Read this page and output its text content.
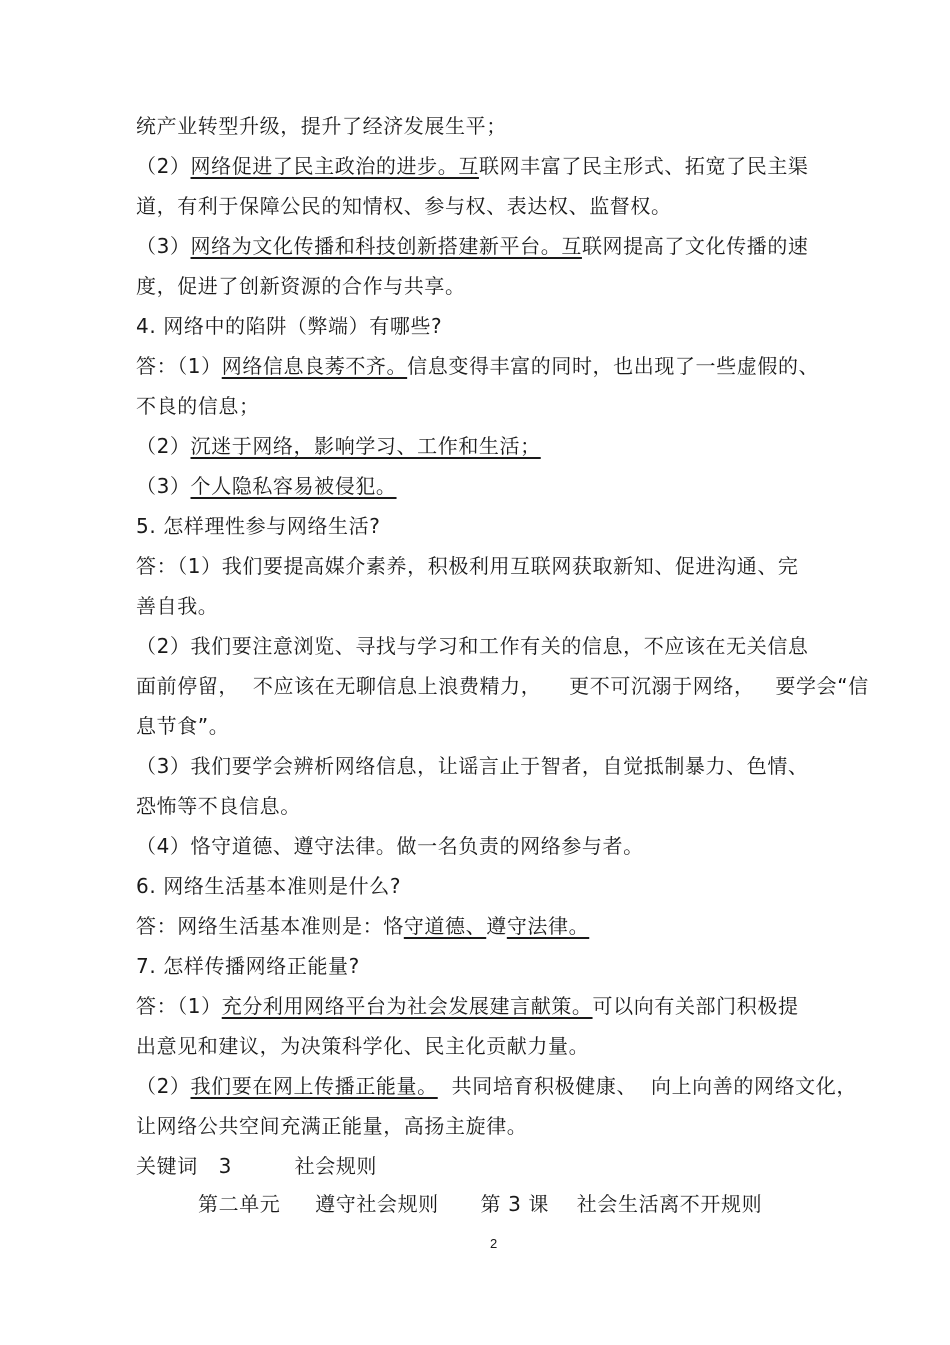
统产业转型升级，提升了经济发展生平；
（2）网络促进了民主政治的进步。互联网丰富了民主形式、拓宽了民主渠
道，有利于保障公民的知情权、参与权、表达权、监督权。
（3）网络为文化传播和科技创新搭建新平台。互联网提高了文化传播的速
度，促进了创新资源的合作与共享。
4. 网络中的陷阱（弊端）有哪些?
答：（1）网络信息良莠不齐。信息变得丰富的同时，也出现了一些虚假的、
不良的信息；
（2）沉迷于网络，影响学习、工作和生活；
（3）个人隐私容易被侵犯。
5. 怎样理性参与网络生活?
答：（1）我们要提高媒介素养，积极利用互联网获取新知、促进沟通、完
善自我。
（2）我们要注意浏览、寻找与学习和工作有关的信息，不应该在无关信息
面前停留，  不应该在无聊信息上浪费精力，    更不可沉溺于网络，   要学会“信
息节食”。
（3）我们要学会辨析网络信息，让谣言止于智者，自觉抵制暴力、色情、
恐怖等不良信息。
（4）恪守道德、遵守法律。做一名负责的网络参与者。
6. 网络生活基本准则是什么?
答：网络生活基本准则是：恪守道德、遵守法律。
7. 怎样传播网络正能量?
答：（1）充分利用网络平台为社会发展建言献策。可以向有关部门积极提
出意见和建议，为决策科学化、民主化贡献力量。
（2）我们要在网上传播正能量。  共同培育积极健康、  向上向善的网络文化，
让网络公共空间充满正能量，高扬主旋律。
关键词   3         社会规则
第二单元     遵守社会规则      第 3 课    社会生活离不开规则
2
